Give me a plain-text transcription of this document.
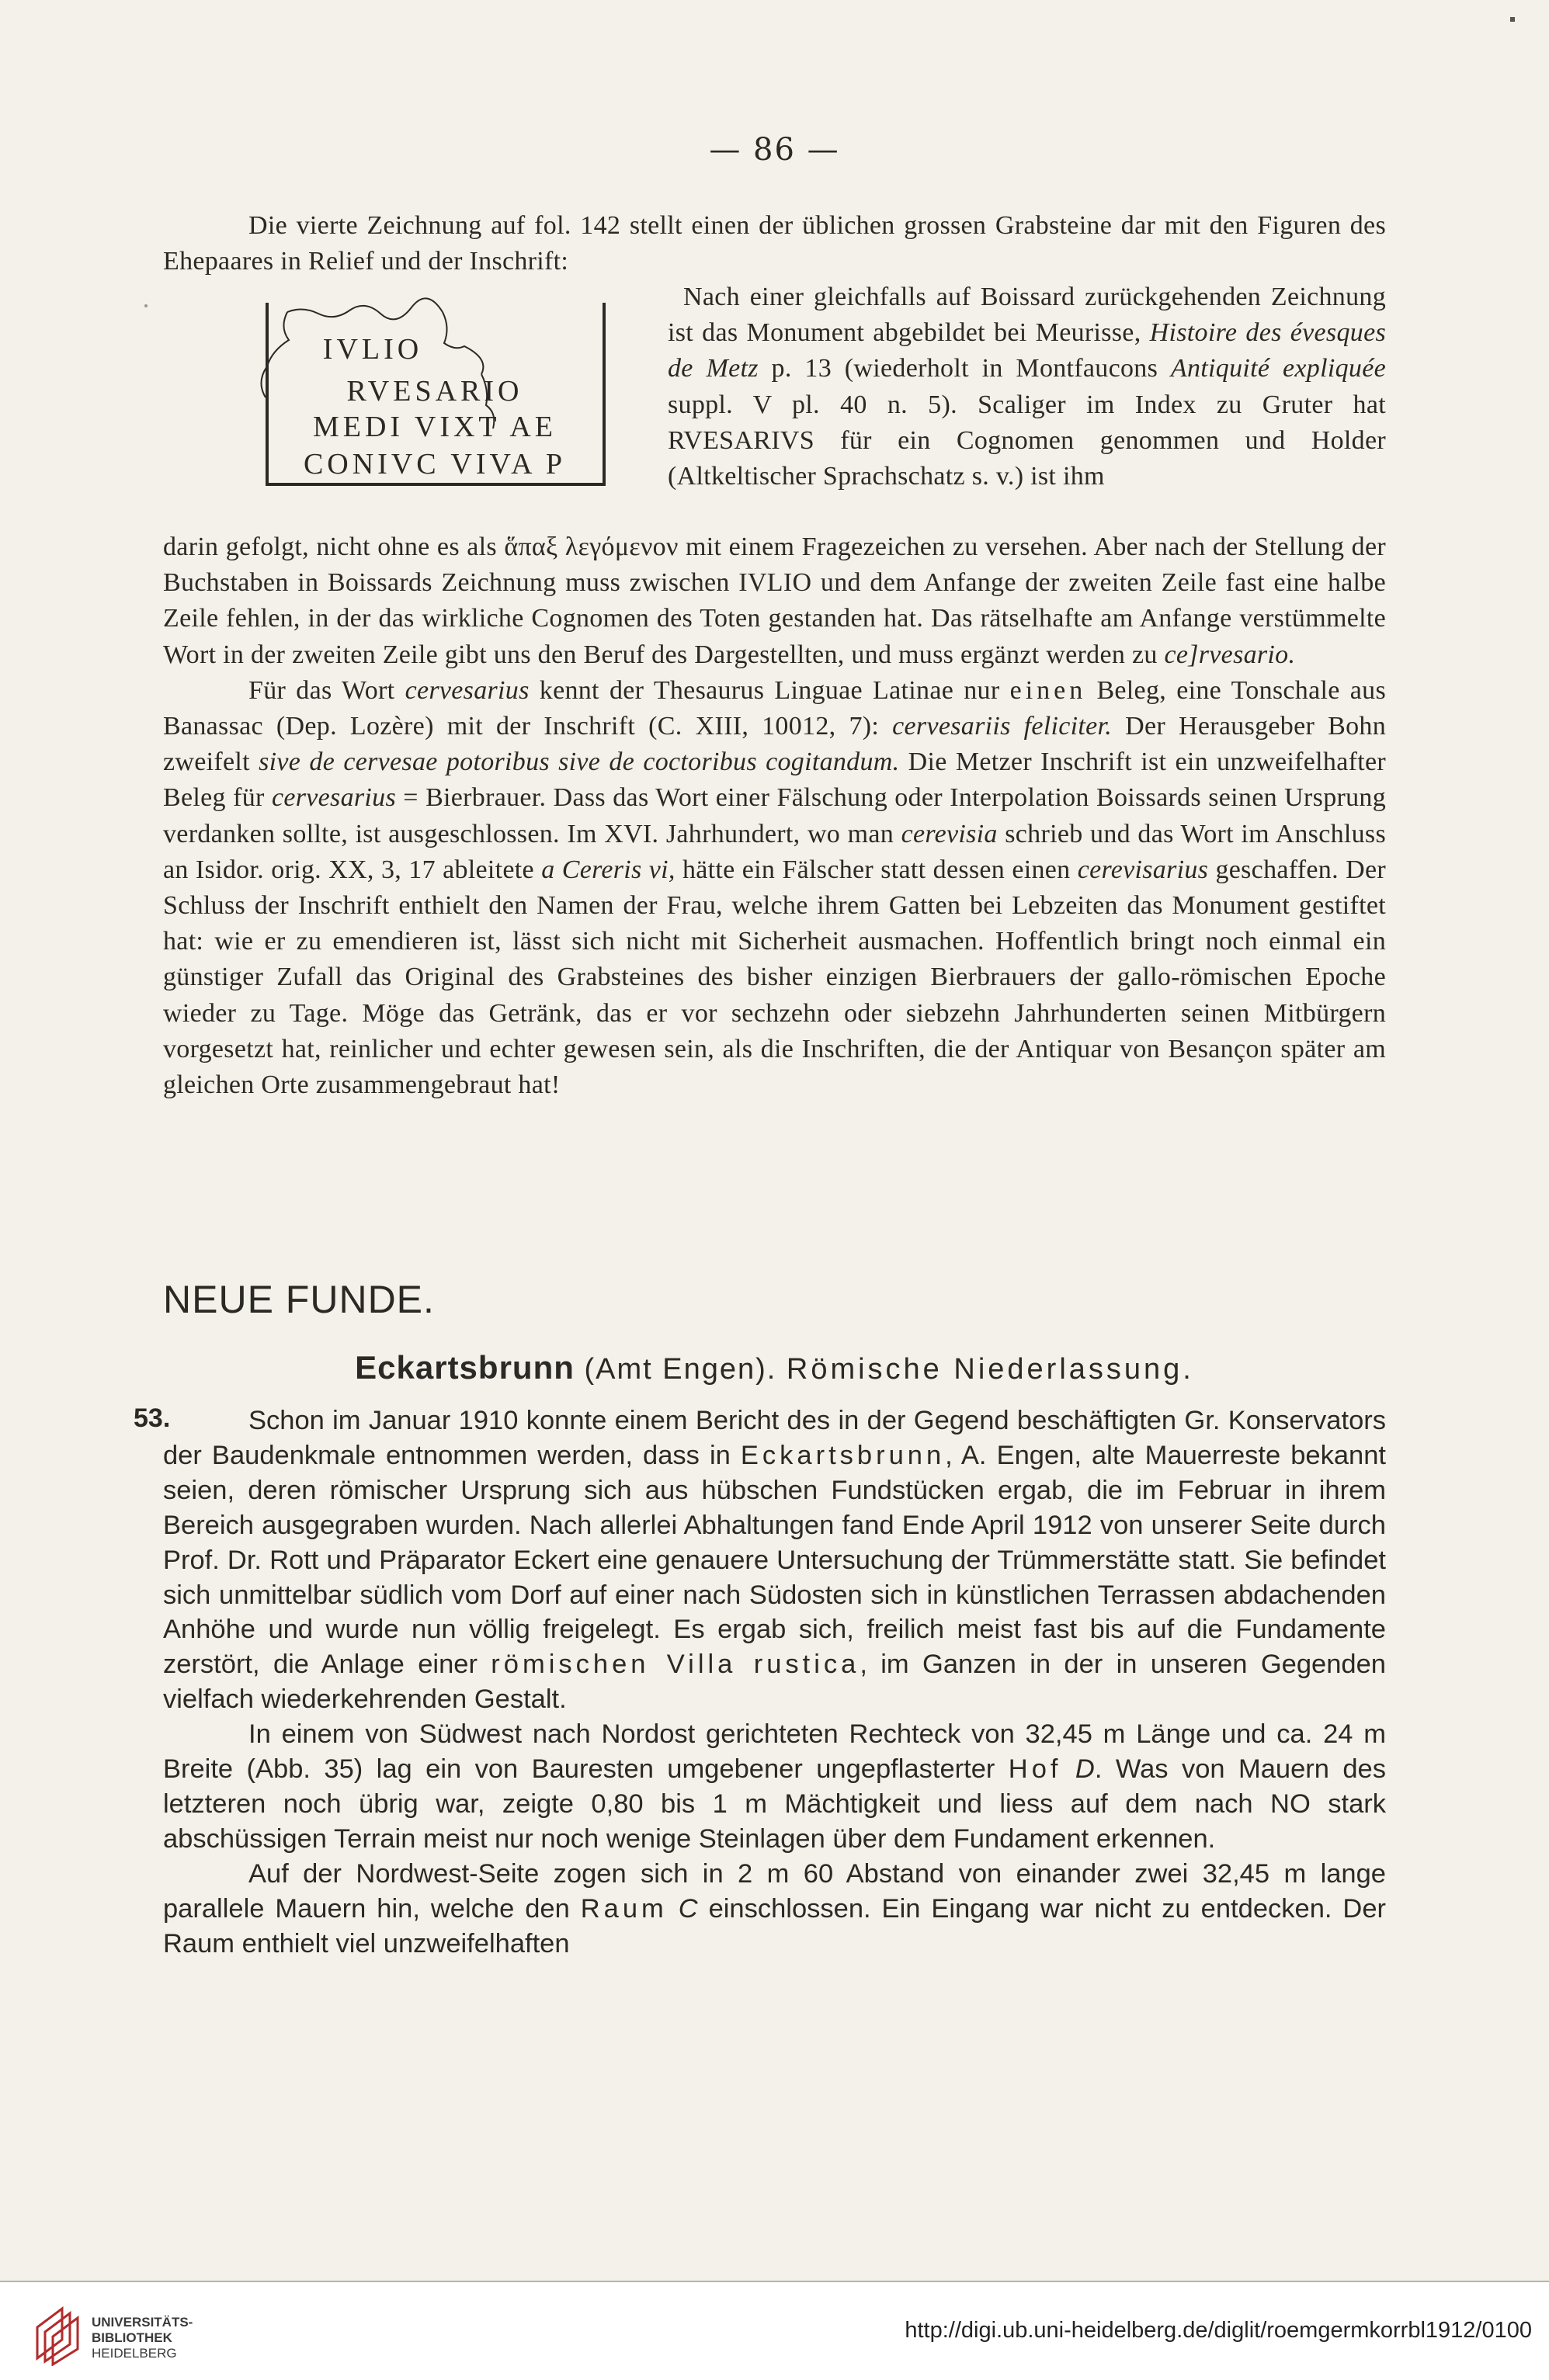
— 86 —

Die vierte Zeichnung auf fol. 142 stellt einen der üblichen grossen Grabsteine dar mit den Figuren des Ehepaares in Relief und der Inschrift:

IVLIO
RVESARIO
MEDI VIXT AE
CONIVC VIVA P

Nach einer gleichfalls auf Boissard zurückgehenden Zeichnung ist das Monument abgebildet bei Meurisse, Histoire des évesques de Metz p. 13 (wiederholt in Montfaucons Antiquité expliquée suppl. V pl. 40 n. 5). Scaliger im Index zu Gruter hat RVESARIVS für ein Cognomen genommen und Holder (Altkeltischer Sprachschatz s. v.) ist ihm

darin gefolgt, nicht ohne es als ἅπαξ λεγόμενον mit einem Fragezeichen zu versehen. Aber nach der Stellung der Buchstaben in Boissards Zeichnung muss zwischen IVLIO und dem Anfange der zweiten Zeile fast eine halbe Zeile fehlen, in der das wirkliche Cognomen des Toten gestanden hat. Das rätselhafte am Anfange verstümmelte Wort in der zweiten Zeile gibt uns den Beruf des Dargestellten, und muss ergänzt werden zu ce]rvesario.

Für das Wort cervesarius kennt der Thesaurus Linguae Latinae nur einen Beleg, eine Tonschale aus Banassac (Dep. Lozère) mit der Inschrift (C. XIII, 10012, 7): cervesariis feliciter. Der Herausgeber Bohn zweifelt sive de cervesae potoribus sive de coctoribus cogitandum. Die Metzer Inschrift ist ein unzweifelhafter Beleg für cervesarius = Bierbrauer. Dass das Wort einer Fälschung oder Interpolation Boissards seinen Ursprung verdanken sollte, ist ausgeschlossen. Im XVI. Jahrhundert, wo man cerevisia schrieb und das Wort im Anschluss an Isidor. orig. XX, 3, 17 ableitete a Cereris vi, hätte ein Fälscher statt dessen einen cerevisarius geschaffen. Der Schluss der Inschrift enthielt den Namen der Frau, welche ihrem Gatten bei Lebzeiten das Monument gestiftet hat: wie er zu emendieren ist, lässt sich nicht mit Sicherheit ausmachen. Hoffentlich bringt noch einmal ein günstiger Zufall das Original des Grabsteines des bisher einzigen Bierbrauers der gallo-römischen Epoche wieder zu Tage. Möge das Getränk, das er vor sechzehn oder siebzehn Jahrhunderten seinen Mitbürgern vorgesetzt hat, reinlicher und echter gewesen sein, als die Inschriften, die der Antiquar von Besançon später am gleichen Orte zusammengebraut hat!

NEUE FUNDE.
Eckartsbrunn (Amt Engen). Römische Niederlassung.
53.	Schon im Januar 1910 konnte einem Bericht des in der Gegend beschäftigten Gr. Konservators der Baudenkmale entnommen werden, dass in Eckartsbrunn, A. Engen, alte Mauerreste bekannt seien, deren römischer Ursprung sich aus hübschen Fundstücken ergab, die im Februar in ihrem Bereich ausgegraben wurden. Nach allerlei Abhaltungen fand Ende April 1912 von unserer Seite durch Prof. Dr. Rott und Präparator Eckert eine genauere Untersuchung der Trümmerstätte statt. Sie befindet sich unmittelbar südlich vom Dorf auf einer nach Südosten sich in künstlichen Terrassen abdachenden Anhöhe und wurde nun völlig freigelegt. Es ergab sich, freilich meist fast bis auf die Fundamente zerstört, die Anlage einer römischen Villa rustica, im Ganzen in der in unseren Gegenden vielfach wiederkehrenden Gestalt.

In einem von Südwest nach Nordost gerichteten Rechteck von 32,45 m Länge und ca. 24 m Breite (Abb. 35) lag ein von Bauresten umgebener ungepflasterter Hof D. Was von Mauern des letzteren noch übrig war, zeigte 0,80 bis 1 m Mächtigkeit und liess auf dem nach NO stark abschüssigen Terrain meist nur noch wenige Steinlagen über dem Fundament erkennen.

Auf der Nordwest-Seite zogen sich in 2 m 60 Abstand von einander zwei 32,45 m lange parallele Mauern hin, welche den Raum C einschlossen. Ein Eingang war nicht zu entdecken. Der Raum enthielt viel unzweifelhaften

UNIVERSITÄTS-
BIBLIOTHEK
HEIDELBERG
http://digi.ub.uni-heidelberg.de/diglit/roemgermkorrbl1912/0100
